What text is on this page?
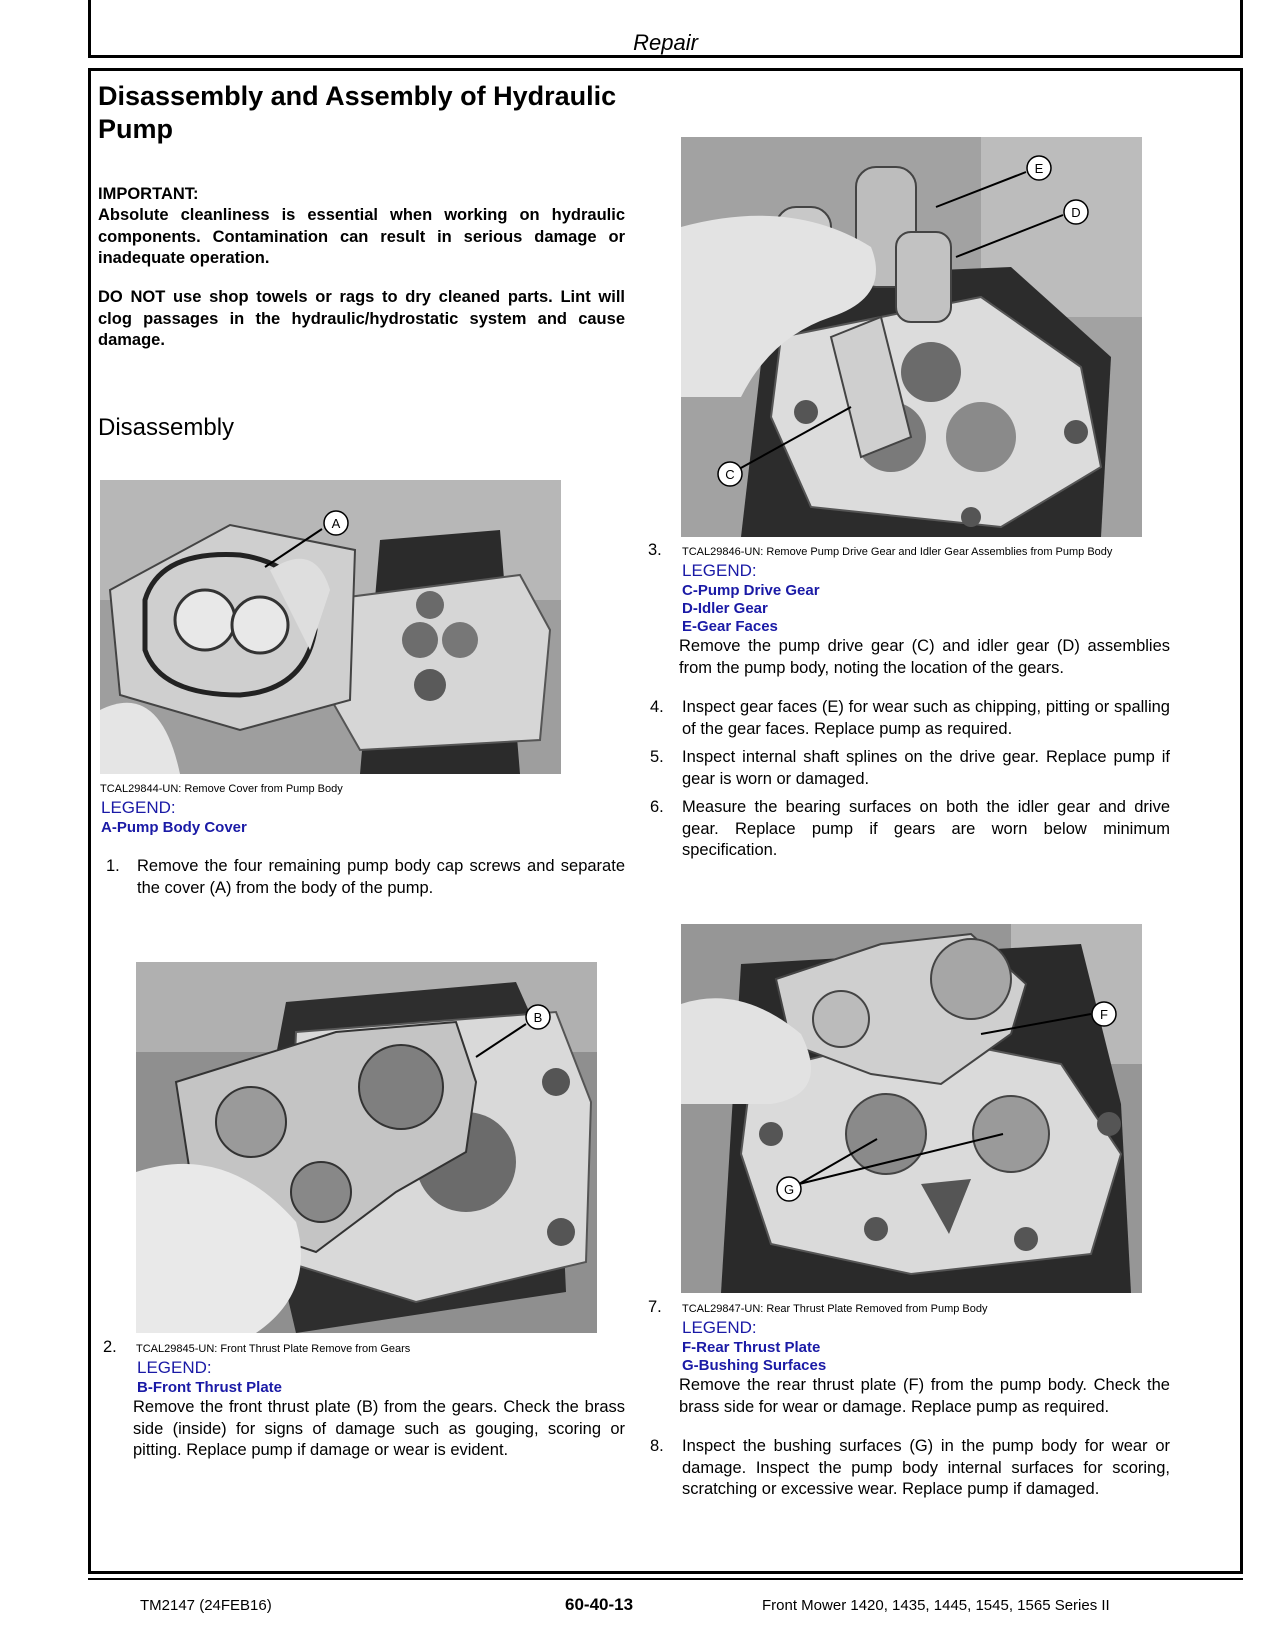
Repair
Disassembly and Assembly of Hydraulic Pump
IMPORTANT:
Absolute cleanliness is essential when working on hydraulic components. Contamination can result in serious damage or inadequate operation.
DO NOT use shop towels or rags to dry cleaned parts. Lint will clog passages in the hydraulic/hydrostatic system and cause damage.
Disassembly
A
TCAL29844-UN: Remove Cover from Pump Body
LEGEND:
A-Pump Body Cover
1. Remove the four remaining pump body cap screws and separate the cover (A) from the body of the pump.
B
2. TCAL29845-UN: Front Thrust Plate Remove from Gears
LEGEND:
B-Front Thrust Plate
Remove the front thrust plate (B) from the gears. Check the brass side (inside) for signs of damage such as gouging, scoring or pitting. Replace pump if damage or wear is evident.
E
D
C
3. TCAL29846-UN: Remove Pump Drive Gear and Idler Gear Assemblies from Pump Body
LEGEND:
C-Pump Drive Gear
D-Idler Gear
E-Gear Faces
Remove the pump drive gear (C) and idler gear (D) assemblies from the pump body, noting the location of the gears.
4. Inspect gear faces (E) for wear such as chipping, pitting or spalling of the gear faces. Replace pump as required.
5. Inspect internal shaft splines on the drive gear. Replace pump if gear is worn or damaged.
6. Measure the bearing surfaces on both the idler gear and drive gear. Replace pump if gears are worn below minimum specification.
F
G
7. TCAL29847-UN: Rear Thrust Plate Removed from Pump Body
LEGEND:
F-Rear Thrust Plate
G-Bushing Surfaces
Remove the rear thrust plate (F) from the pump body. Check the brass side for wear or damage. Replace pump as required.
8. Inspect the bushing surfaces (G) in the pump body for wear or damage. Inspect the pump body internal surfaces for scoring, scratching or excessive wear. Replace pump if damaged.
TM2147 (24FEB16)	60-40-13	Front Mower 1420, 1435, 1445, 1545, 1565 Series II
